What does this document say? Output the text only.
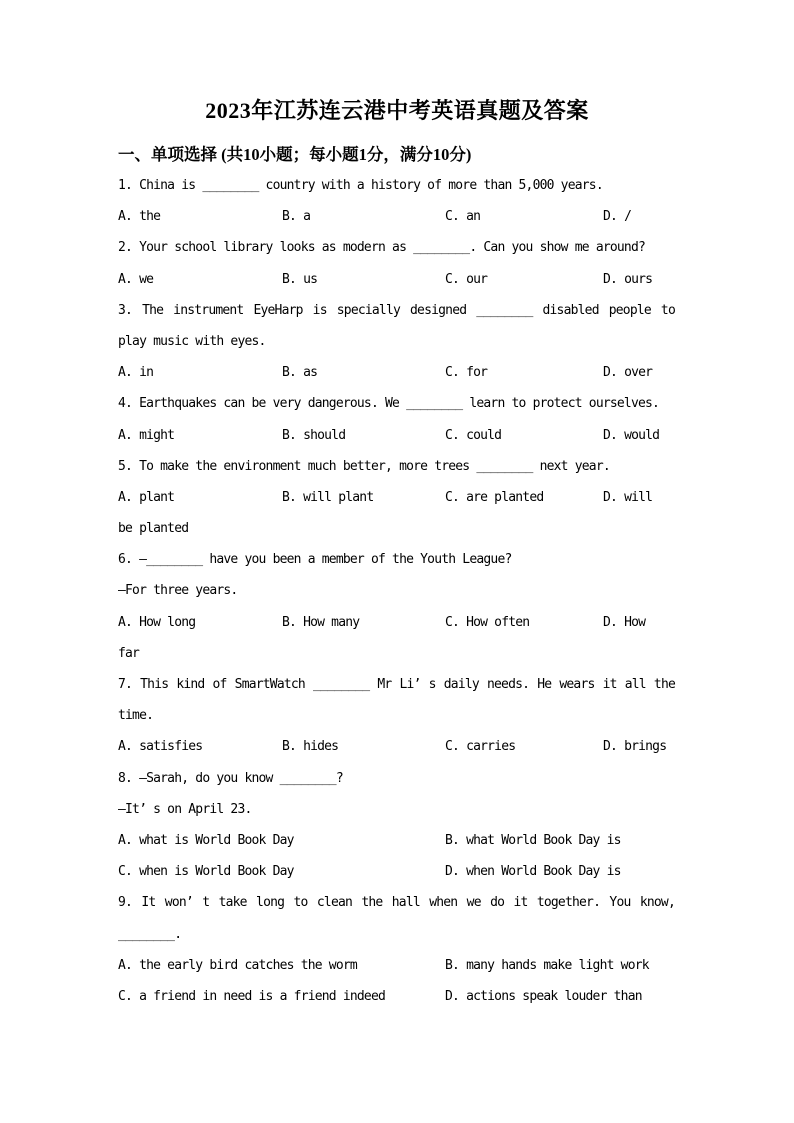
2023年江苏连云港中考英语真题及答案
一、单项选择 (共10小题；每小题1分，满分10分)
1. China is ________ country with a history of more than 5,000 years.
A. the	B. a	C. an	D. /
2. Your school library looks as modern as ________. Can you show me around?
A. we	B. us	C. our	D. ours
3. The instrument EyeHarp is specially designed ________ disabled people to
play music with eyes.
A. in	B. as	C. for	D. over
4. Earthquakes can be very dangerous. We ________ learn to protect ourselves.
A. might	B. should	C. could	D. would
5. To make the environment much better, more trees ________ next year.
A. plant	B. will plant	C. are planted	D. will
be planted
6. —________ have you been a member of the Youth League?
—For three years.
A. How long	B. How many	C. How often	D. How
far
7. This kind of SmartWatch ________ Mr Li’ s daily needs. He wears it all the
time.
A. satisfies	B. hides	C. carries	D. brings
8. —Sarah, do you know ________?
—It’ s on April 23.
A. what is World Book Day	B. what World Book Day is
C. when is World Book Day	D. when World Book Day is
9. It won’ t take long to clean the hall when we do it together. You know,
________.
A. the early bird catches the worm	B. many hands make light work
C. a friend in need is a friend indeed	D. actions speak louder than
